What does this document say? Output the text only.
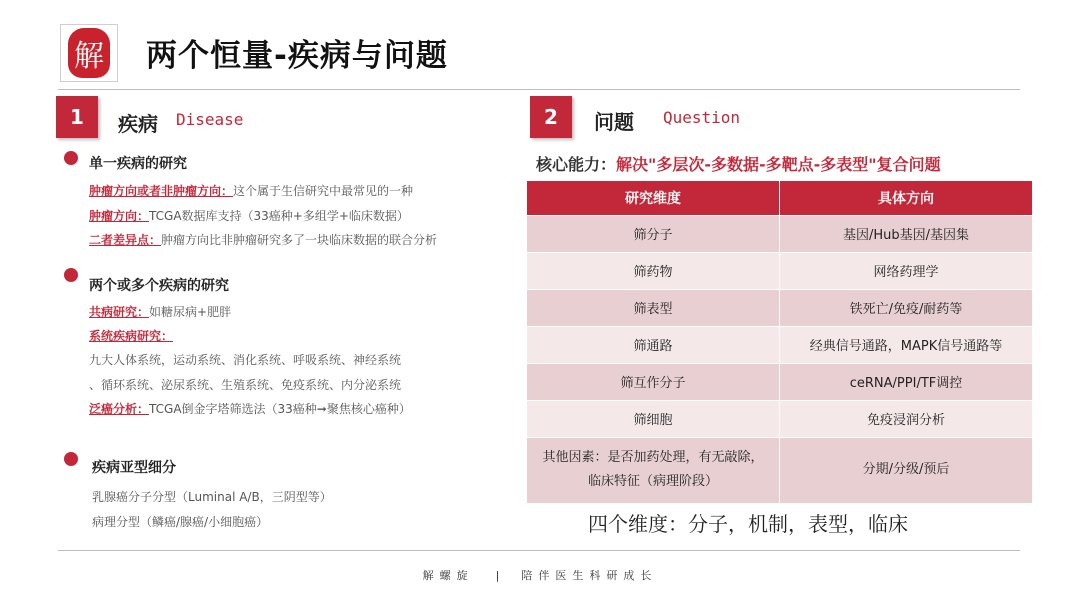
解 两个恒量-疾病与问题
1	疾病 Disease
单一疾病的研究
肿瘤方向或者非肿瘤方向：这个属于生信研究中最常见的一种
肿瘤方向：TCGA数据库支持（33癌种+多组学+临床数据）
二者差异点：肿瘤方向比非肿瘤研究多了一块临床数据的联合分析
两个或多个疾病的研究
共病研究：如糖尿病+肥胖
系统疾病研究：
九大人体系统，运动系统、消化系统、呼吸系统、神经系统
、循环系统、泌尿系统、生殖系统、免疫系统、内分泌系统
泛癌分析：TCGA倒金字塔筛选法（33癌种➞聚焦核心癌种）
疾病亚型细分
乳腺癌分子分型（Luminal A/B，三阴型等）
病理分型（鳞癌/腺癌/小细胞癌）
2	问题 Question
核心能力：解决"多层次-多数据-多靶点-多表型"复合问题
研究维度	具体方向
筛分子	基因/Hub基因/基因集
筛药物	网络药理学
筛表型	铁死亡/免疫/耐药等
筛通路	经典信号通路，MAPK信号通路等
筛互作分子	ceRNA/PPI/TF调控
筛细胞	免疫浸润分析
其他因素：是否加药处理，有无敲除，临床特征（病理阶段）	分期/分级/预后
四个维度：分子，机制，表型，临床
解螺旋 | 陪伴医生科研成长
